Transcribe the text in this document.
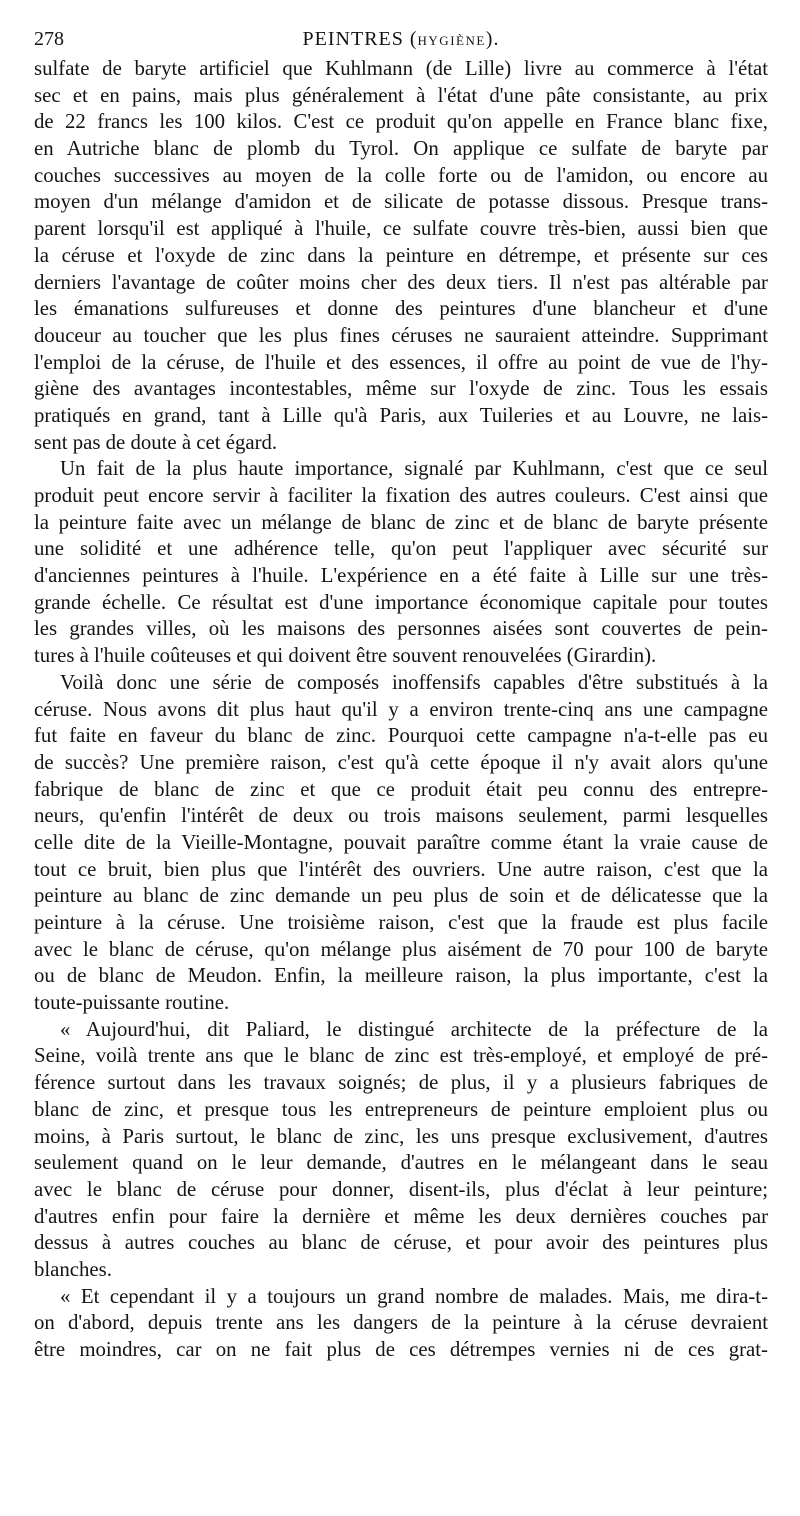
278	PEINTRES (HYGIÈNE).
sulfate de baryte artificiel que Kuhlmann (de Lille) livre au commerce à l'état
sec et en pains, mais plus généralement à l'état d'une pâte consistante, au prix
de 22 francs les 100 kilos. C'est ce produit qu'on appelle en France blanc fixe,
en Autriche blanc de plomb du Tyrol. On applique ce sulfate de baryte par
couches successives au moyen de la colle forte ou de l'amidon, ou encore au
moyen d'un mélange d'amidon et de silicate de potasse dissous. Presque trans-
parent lorsqu'il est appliqué à l'huile, ce sulfate couvre très-bien, aussi bien que
la céruse et l'oxyde de zinc dans la peinture en détrempe, et présente sur ces
derniers l'avantage de coûter moins cher des deux tiers. Il n'est pas altérable par
les émanations sulfureuses et donne des peintures d'une blancheur et d'une
douceur au toucher que les plus fines céruses ne sauraient atteindre. Supprimant
l'emploi de la céruse, de l'huile et des essences, il offre au point de vue de l'hy-
giène des avantages incontestables, même sur l'oxyde de zinc. Tous les essais
pratiqués en grand, tant à Lille qu'à Paris, aux Tuileries et au Louvre, ne lais-
sent pas de doute à cet égard.
Un fait de la plus haute importance, signalé par Kuhlmann, c'est que ce seul
produit peut encore servir à faciliter la fixation des autres couleurs. C'est ainsi que
la peinture faite avec un mélange de blanc de zinc et de blanc de baryte présente
une solidité et une adhérence telle, qu'on peut l'appliquer avec sécurité sur
d'anciennes peintures à l'huile. L'expérience en a été faite à Lille sur une très-
grande échelle. Ce résultat est d'une importance économique capitale pour toutes
les grandes villes, où les maisons des personnes aisées sont couvertes de pein-
tures à l'huile coûteuses et qui doivent être souvent renouvelées (Girardin).
Voilà donc une série de composés inoffensifs capables d'être substitués à la
céruse. Nous avons dit plus haut qu'il y a environ trente-cinq ans une campagne
fut faite en faveur du blanc de zinc. Pourquoi cette campagne n'a-t-elle pas eu
de succès? Une première raison, c'est qu'à cette époque il n'y avait alors qu'une
fabrique de blanc de zinc et que ce produit était peu connu des entrepre-
neurs, qu'enfin l'intérêt de deux ou trois maisons seulement, parmi lesquelles
celle dite de la Vieille-Montagne, pouvait paraître comme étant la vraie cause de
tout ce bruit, bien plus que l'intérêt des ouvriers. Une autre raison, c'est que la
peinture au blanc de zinc demande un peu plus de soin et de délicatesse que la
peinture à la céruse. Une troisième raison, c'est que la fraude est plus facile
avec le blanc de céruse, qu'on mélange plus aisément de 70 pour 100 de baryte
ou de blanc de Meudon. Enfin, la meilleure raison, la plus importante, c'est la
toute-puissante routine.
« Aujourd'hui, dit Paliard, le distingué architecte de la préfecture de la
Seine, voilà trente ans que le blanc de zinc est très-employé, et employé de pré-
férence surtout dans les travaux soignés; de plus, il y a plusieurs fabriques de
blanc de zinc, et presque tous les entrepreneurs de peinture emploient plus ou
moins, à Paris surtout, le blanc de zinc, les uns presque exclusivement, d'autres
seulement quand on le leur demande, d'autres en le mélangeant dans le seau
avec le blanc de céruse pour donner, disent-ils, plus d'éclat à leur peinture;
d'autres enfin pour faire la dernière et même les deux dernières couches par
dessus à autres couches au blanc de céruse, et pour avoir des peintures plus
blanches.
« Et cependant il y a toujours un grand nombre de malades. Mais, me dira-t-
on d'abord, depuis trente ans les dangers de la peinture à la céruse devraient
être moindres, car on ne fait plus de ces détrempes vernies ni de ces grat-
